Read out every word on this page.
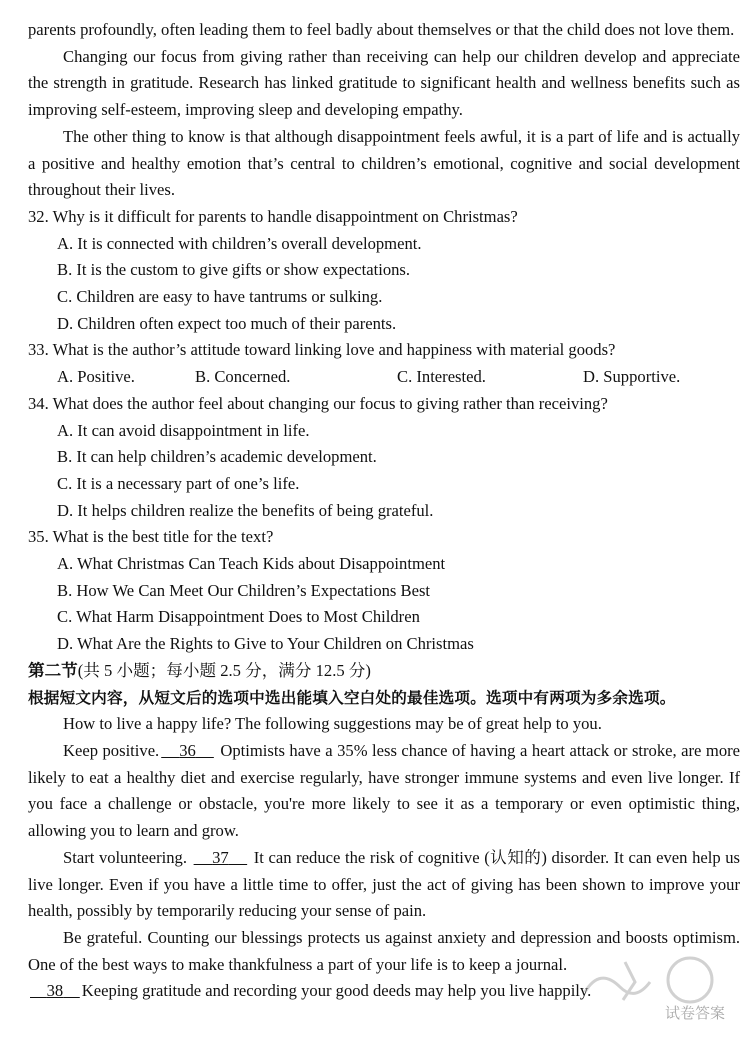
parents profoundly, often leading them to feel badly about themselves or that the child does not love them.

Changing our focus from giving rather than receiving can help our children develop and appreciate the strength in gratitude. Research has linked gratitude to significant health and wellness benefits such as improving self-esteem, improving sleep and developing empathy.

The other thing to know is that although disappointment feels awful, it is a part of life and is actually a positive and healthy emotion that’s central to children’s emotional, cognitive and social development throughout their lives.

32. Why is it difficult for parents to handle disappointment on Christmas?

A. It is connected with children’s overall development.

B. It is the custom to give gifts or show expectations.

C. Children are easy to have tantrums or sulking.

D. Children often expect too much of their parents.

33. What is the author’s attitude toward linking love and happiness with material goods?

A. Positive.	B. Concerned.	C. Interested.	D. Supportive.

34. What does the author feel about changing our focus to giving rather than receiving?

A. It can avoid disappointment in life.

B. It can help children’s academic development.

C. It is a necessary part of one’s life.

D. It helps children realize the benefits of being grateful.

35. What is the best title for the text?

A. What Christmas Can Teach Kids about Disappointment

B. How We Can Meet Our Children’s Expectations Best

C. What Harm Disappointment Does to Most Children

D. What Are the Rights to Give to Your Children on Christmas

第二节(共 5 小题；每小题 2.5 分，满分 12.5 分)

根据短文内容，从短文后的选项中选出能填入空白处的最佳选项。选项中有两项为多余选项。

How to live a happy life? The following suggestions may be of great help to you.

Keep positive. 36 Optimists have a 35% less chance of having a heart attack or stroke, are more likely to eat a healthy diet and exercise regularly, have stronger immune systems and even live longer. If you face a challenge or obstacle, you're more likely to see it as a temporary or even optimistic thing, allowing you to learn and grow.

Start volunteering. 37 It can reduce the risk of cognitive (认知的) disorder. It can even help us live longer. Even if you have a little time to offer, just the act of giving has been shown to improve your health, possibly by temporarily reducing your sense of pain.

Be grateful. Counting our blessings protects us against anxiety and depression and boosts optimism. One of the best ways to make thankfulness a part of your life is to keep a journal.

38 Keeping gratitude and recording your good deeds may help you live happily.

试卷答案
